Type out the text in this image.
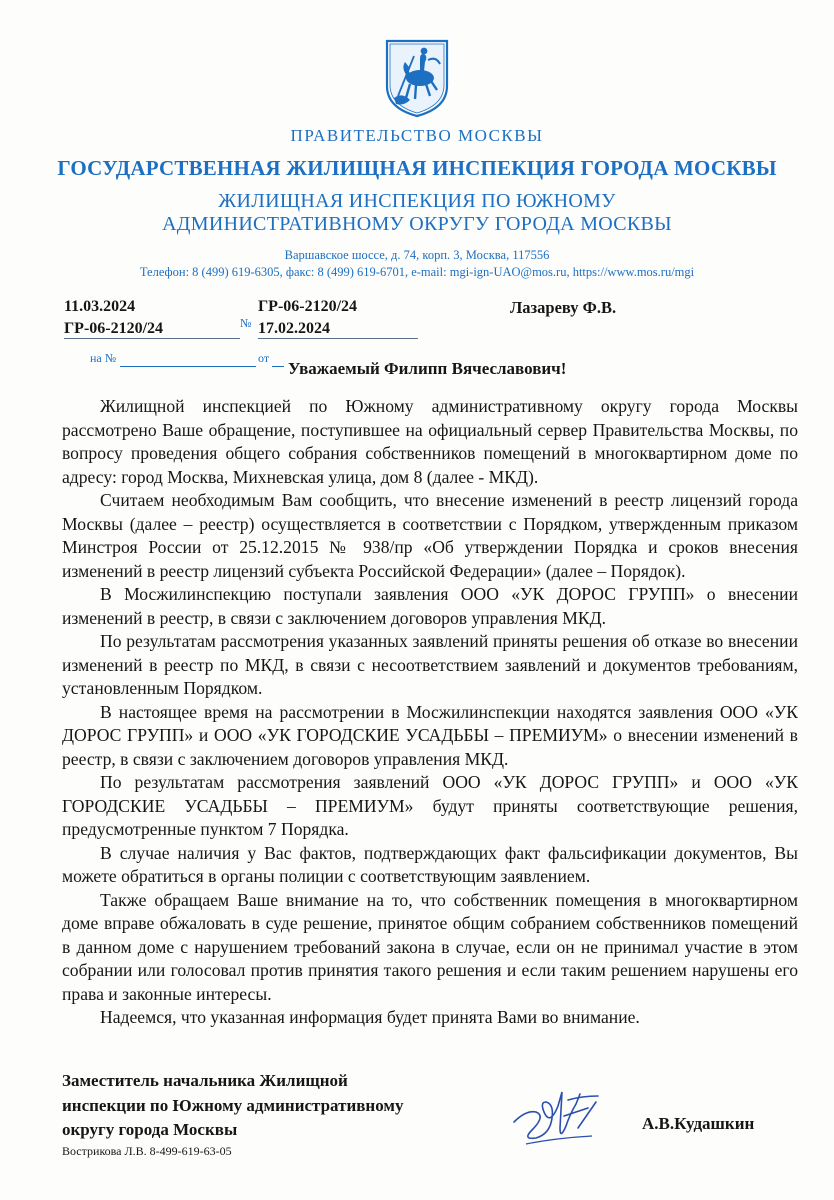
ПРАВИТЕЛЬСТВО МОСКВЫ
ГОСУДАРСТВЕННАЯ ЖИЛИЩНАЯ ИНСПЕКЦИЯ ГОРОДА МОСКВЫ
ЖИЛИЩНАЯ ИНСПЕКЦИЯ ПО ЮЖНОМУ
АДМИНИСТРАТИВНОМУ ОКРУГУ ГОРОДА МОСКВЫ
Варшавское шоссе, д. 74, корп. 3, Москва, 117556
Телефон: 8 (499) 619-6305, факс: 8 (499) 619-6701, e-mail: mgi-ign-UAO@mos.ru, https://www.mos.ru/mgi
11.03.2024	ГР-06-2120/24
ГР-06-2120/24	17.02.2024
№
на №	от
Лазареву Ф.В.
Уважаемый Филипп Вячеславович!

Жилищной инспекцией по Южному административному округу города Москвы рассмотрено Ваше обращение, поступившее на официальный сервер Правительства Москвы, по вопросу проведения общего собрания собственников помещений в многоквартирном доме по адресу: город Москва, Михневская улица, дом 8 (далее - МКД).

Считаем необходимым Вам сообщить, что внесение изменений в реестр лицензий города Москвы (далее – реестр) осуществляется в соответствии с Порядком, утвержденным приказом Минстроя России от 25.12.2015 № 938/пр «Об утверждении Порядка и сроков внесения изменений в реестр лицензий субъекта Российской Федерации» (далее – Порядок).

В Мосжилинспекцию поступали заявления ООО «УК ДОРОС ГРУПП» о внесении изменений в реестр, в связи с заключением договоров управления МКД.

По результатам рассмотрения указанных заявлений приняты решения об отказе во внесении изменений в реестр по МКД, в связи с несоответствием заявлений и документов требованиям, установленным Порядком.

В настоящее время на рассмотрении в Мосжилинспекции находятся заявления ООО «УК ДОРОС ГРУПП» и ООО «УК ГОРОДСКИЕ УСАДЬБЫ – ПРЕМИУМ» о внесении изменений в реестр, в связи с заключением договоров управления МКД.

По результатам рассмотрения заявлений ООО «УК ДОРОС ГРУПП» и ООО «УК ГОРОДСКИЕ УСАДЬБЫ – ПРЕМИУМ» будут приняты соответствующие решения, предусмотренные пунктом 7 Порядка.

В случае наличия у Вас фактов, подтверждающих факт фальсификации документов, Вы можете обратиться в органы полиции с соответствующим заявлением.

Также обращаем Ваше внимание на то, что собственник помещения в многоквартирном доме вправе обжаловать в суде решение, принятое общим собранием собственников помещений в данном доме с нарушением требований закона в случае, если он не принимал участие в этом собрании или голосовал против принятия такого решения и если таким решением нарушены его права и законные интересы.

Надеемся, что указанная информация будет принята Вами во внимание.

Заместитель начальника Жилищной
инспекции по Южному административному
округу города Москвы
Вострикова Л.В. 8-499-619-63-05
А.В.Кудашкин
